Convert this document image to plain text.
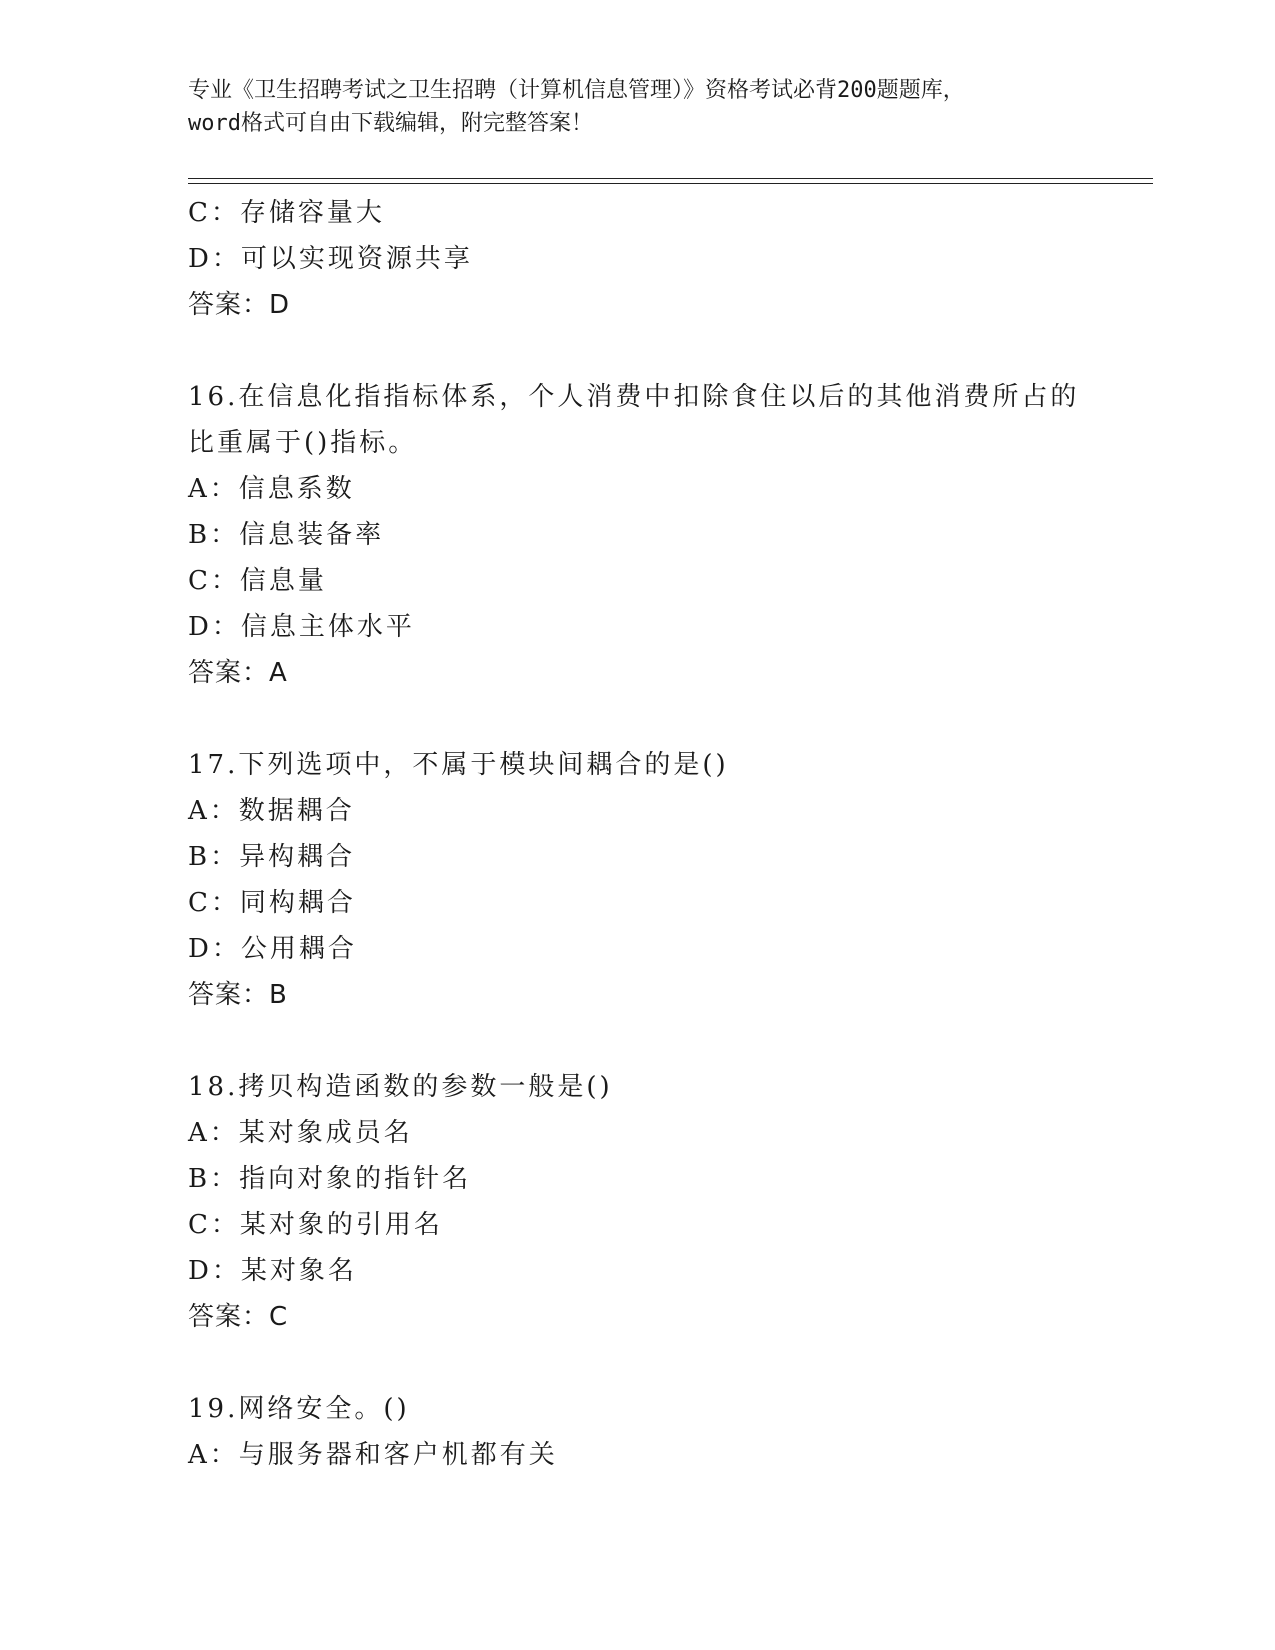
专业《卫生招聘考试之卫生招聘（计算机信息管理）》资格考试必背200题题库，
word格式可自由下载编辑，附完整答案！
C：存储容量大
D：可以实现资源共享
答案：D
16.在信息化指指标体系，个人消费中扣除食住以后的其他消费所占的
比重属于()指标。
A：信息系数
B：信息装备率
C：信息量
D：信息主体水平
答案：A
17.下列选项中，不属于模块间耦合的是()
A：数据耦合
B：异构耦合
C：同构耦合
D：公用耦合
答案：B
18.拷贝构造函数的参数一般是()
A：某对象成员名
B：指向对象的指针名
C：某对象的引用名
D：某对象名
答案：C
19.网络安全。()
A：与服务器和客户机都有关
